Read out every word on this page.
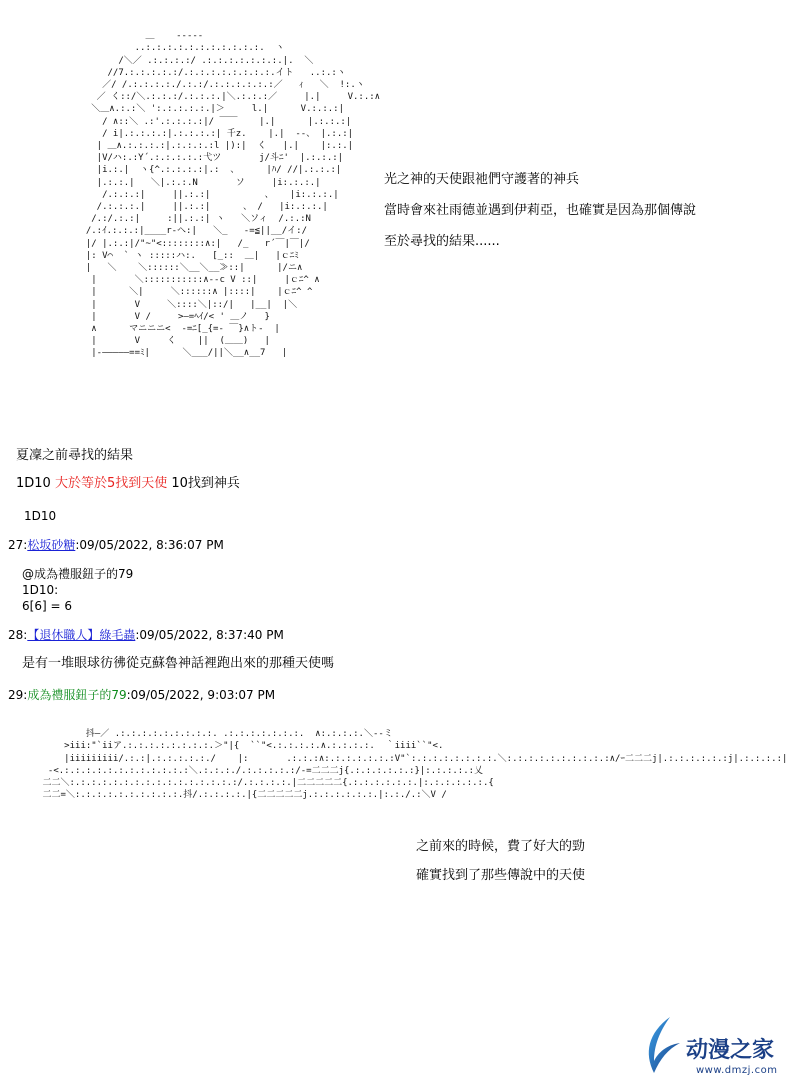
＿    -----
..:.:.:.:.:.:.:.:.:.:.:.  ヽ
/＼／ .:.:.:.:/ .:.:.:.:.:.:.:.|.  ＼
//7.:.:.:.:.:/.:.:.:.:.:.:.:.:.イト   ..:.:ヽ
／/ /.:.:.:.:./.:.:/.:.:.:.:.:.:／   ｨ   ＼  !:.ヽ
／ く::/＼.:.:.:/.:.:.:.|＼.:.:.:／     |.|     V.:.:∧
＼＿∧.:.:＼ ':.:.:.:.:.|＞     l.|      V.:.:.:|
/ ∧::＼ .:'.:.:.:.:|/ ￣￣    |.|      |.:.:.:|
/ i|.:.:.:.:|.:.:.:.:| 千z.    |.|  --、 |.:.:|
| ＿∧.:.:.:.:|.:.:.:.:l |):|  く   |.|    |:.:.|
|V/ハ:.:Y´.:.:.:.:.:弋ツ       j/斗ﾆ'  |.:.:.:|
|i.:.|  ヽ{^.:.:.:.:|.:  、     |ﾊ/ //|.:.:.:|
|.:.:.|   ＼|.:.:.N       ソ     |i:.:.:.|
/.:.:.:|     ||.:.:|          、   |i:.:.:.|
/.:.:.:.|     ||.:.:|      、 /   |i:.:.:.|
/.:/.:.:|     :||.:.:| ヽ   ＼ソィ  /.:.:N
/.:ｲ.:.:.:|____r‐ヘ:|   ＼_   ‐=≦||__/イ:/
|/ |.:.:|/"~"<::::::::∧:|   /_   r´￣|￣|/
|: V⌒  ` ヽ :::::ハ:.   [_::  ＿|   |ｃﾆﾐ
|   ＼    ＼::::::＼__＼__≫::|      |/ニ∧
|       ＼:::::::::::∧--c V ::|     |ｃﾆ^ ∧
|      ＼|     ＼::::::∧ |::::|    |ｃﾆ^ ^
|       V     ＼::::＼|::/|   |__|  |＼
|       V /     >―=ﾍｲ/< ' ＿ノ   }
∧      マニニニ<  ‐=ﾆ[_{=- ￣}∧ト-  |
|       V     く    ||  (＿＿)   |
|‐―――――==ﾐ|      ＼___/||＼__∧__7   |

光之神的天使跟祂們守護著的神兵
當時會來社雨德並遇到伊莉亞，也確實是因為那個傳說
至於尋找的結果......
夏凜之前尋找的結果
1D10 大於等於5找到天使 10找到神兵
1D10
27:松坂砂糖:09/05/2022, 8:36:07 PM
@成為禮服鈕子的79
1D10:
6[6] = 6
28:【退休職人】綠毛蟲:09/05/2022, 8:37:40 PM
是有一堆眼球彷彿從克蘇魯神話裡跑出來的那種天使嗎
29:成為禮服鈕子的79:09/05/2022, 9:03:07 PM

抖―／ .:.:.:.:.:.:.:.:.:. .:.:.:.:.:.:.:.  ∧:.:.:.:.＼--ミ
>iii:"`iiア.:.:.:.:.:.:.:.:.＞"|{  ``"<.:.:.:.:.∧.:.:.:.:.  ｀iiii``"<.
|iiiiiiiii/.:.:|.:.:.:.:.:./    |:       .:.:.:∧:.:.:.:.:.:.:V"`:.:.:.:.:.:.:.:.＼:.:.:.:.:.:.:.:.:.:∧/ｰ二二二j|.:.:.:.:.:.:j|.:.:.:.:|
-<.:.:.:.:.:.:.:.:.:.:.:.:＼.:.:.:./.:.:.:.:.:/‐=二二二j{.:.:.:.:.:.:}|:.:.:.:.:乂
二二＼:.:.:.:.:.:.:.:.:.:.:.:.:.:.:.:/.:.:.:.:.|二二二二二{.:.:.:.:.:.:.|:.:.:.:.:.:.{
二二=＼:.:.:.:.:.:.:.:.:.:.抖/.:.:.:.:.|{二二二二二j.:.:.:.:.:.:.|:.:./.:＼V /

之前來的時候，費了好大的勁
確實找到了那些傳說中的天使
动漫之家
www.dmzj.com
